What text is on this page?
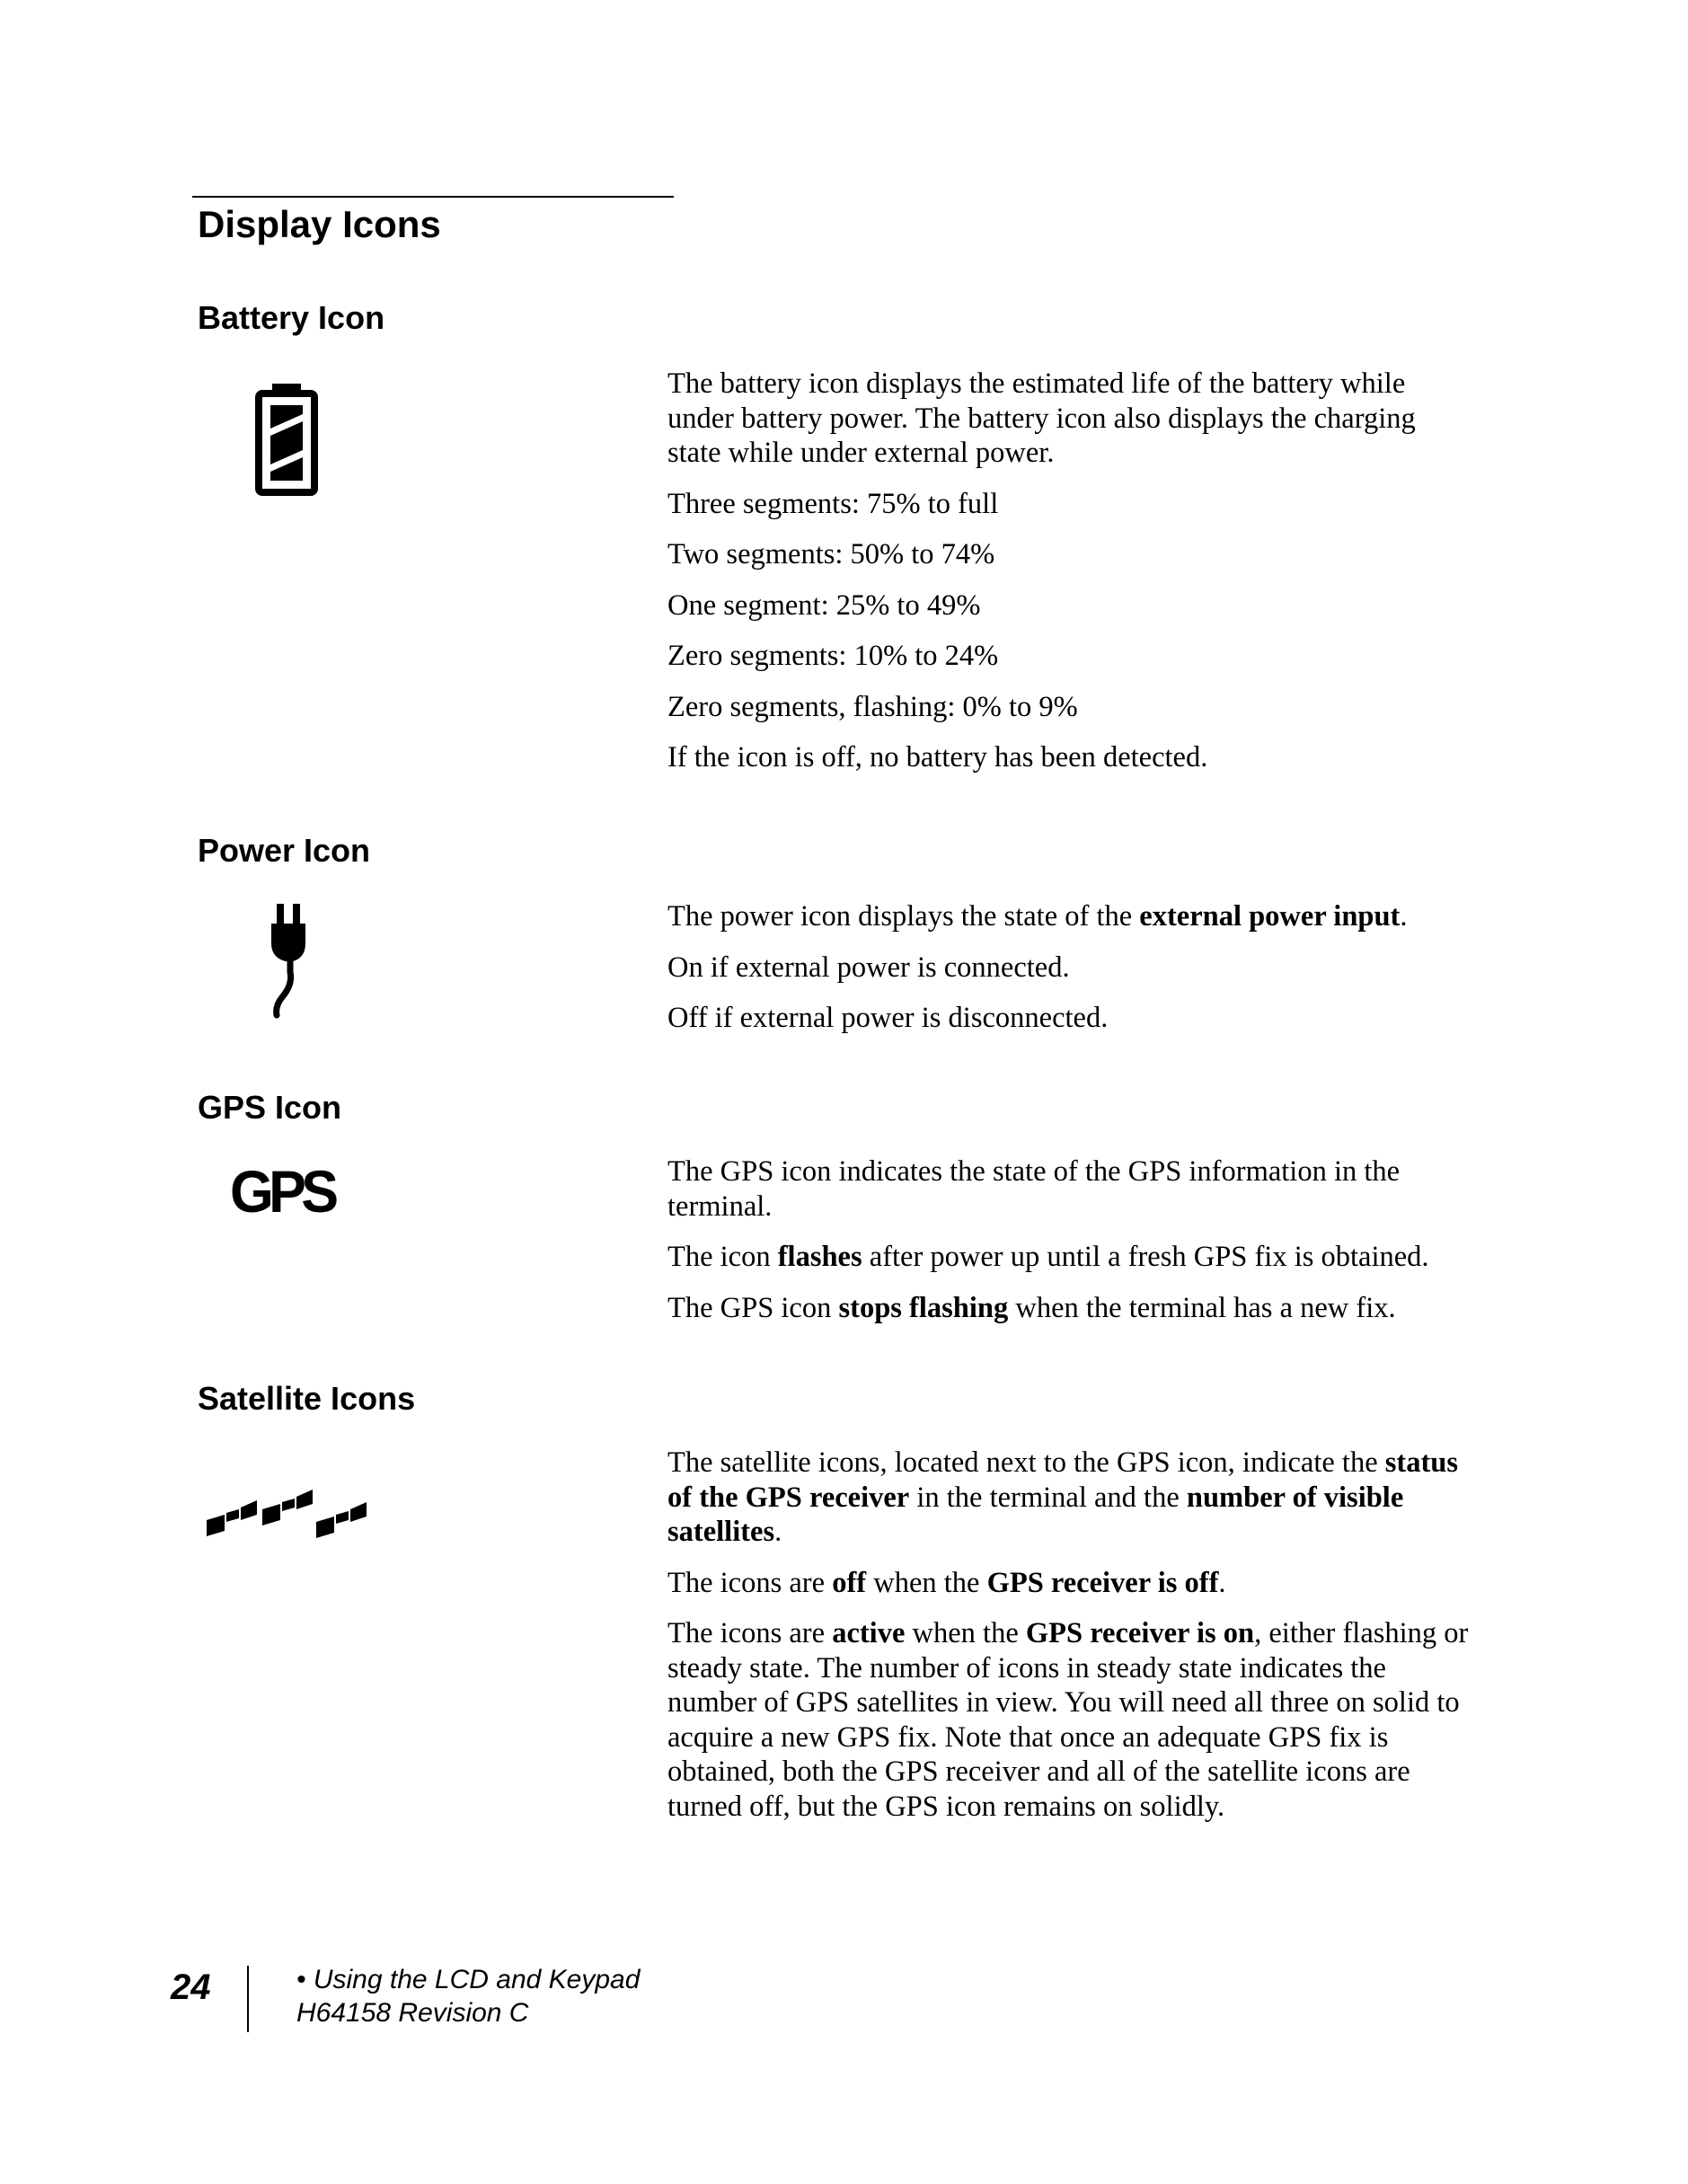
Display Icons
Battery Icon

The battery icon displays the estimated life of the battery while under battery power. The battery icon also displays the charging state while under external power.

Three segments: 75% to full

Two segments: 50% to 74%

One segment: 25% to 49%

Zero segments: 10% to 24%

Zero segments, flashing: 0% to 9%

If the icon is off, no battery has been detected.

Power Icon

The power icon displays the state of the external power input.

On if external power is connected.

Off if external power is disconnected.

GPS Icon
GPS	The GPS icon indicates the state of the GPS information in the terminal.

The icon flashes after power up until a fresh GPS fix is obtained.

The GPS icon stops flashing when the terminal has a new fix.

Satellite Icons

The satellite icons, located next to the GPS icon, indicate the status of the GPS receiver in the terminal and the number of visible satellites.

The icons are off when the GPS receiver is off.

The icons are active when the GPS receiver is on, either flashing or steady state. The number of icons in steady state indicates the number of GPS satellites in view. You will need all three on solid to acquire a new GPS fix. Note that once an adequate GPS fix is obtained, both the GPS receiver and all of the satellite icons are turned off, but the GPS icon remains on solidly.

24	• Using the LCD and Keypad
H64158 Revision C
